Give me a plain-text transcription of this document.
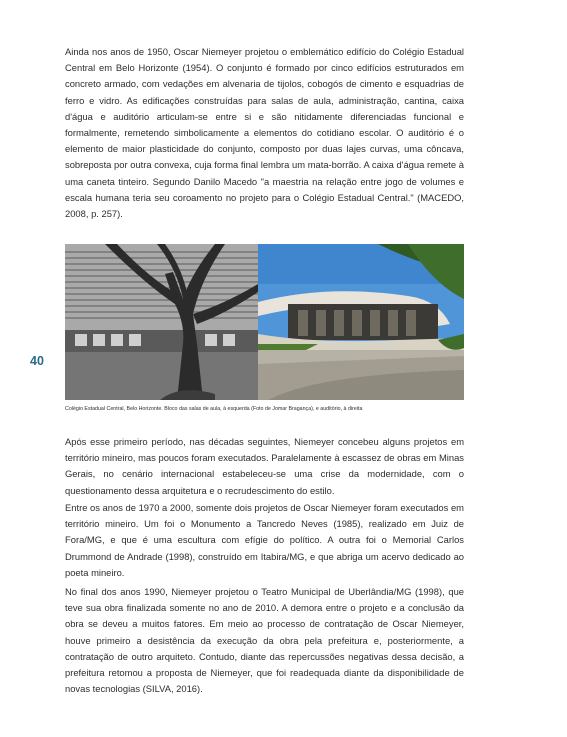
Ainda nos anos de 1950, Oscar Niemeyer projetou o emblemático edifício do Colégio Estadual Central em Belo Horizonte (1954). O conjunto é formado por cinco edifícios estruturados em concreto armado, com vedações em alvenaria de tijolos, cobogós de cimento e esquadrias de ferro e vidro. As edificações construídas para salas de aula, administração, cantina, caixa d'água e auditório articulam-se entre si e são nitidamente diferenciadas funcional e formalmente, remetendo simbolicamente a elementos do cotidiano escolar. O auditório é o elemento de maior plasticidade do conjunto, composto por duas lajes curvas, uma côncava, sobreposta por outra convexa, cuja forma final lembra um mata-borrão. A caixa d'água remete à uma caneta tinteiro. Segundo Danilo Macedo "a maestria na relação entre jogo de volumes e escala humana teria seu coroamento no projeto para o Colégio Estadual Central." (MACEDO, 2008, p. 257).

Colégio Estadual Central, Belo Horizonte. Bloco das salas de aula, à esquerda (Foto de Jomar Bragança), e auditório, à direita
40

Após esse primeiro período, nas décadas seguintes, Niemeyer concebeu alguns projetos em território mineiro, mas poucos foram executados. Paralelamente à escassez de obras em Minas Gerais, no cenário internacional estabeleceu-se uma crise da modernidade, com o questionamento dessa arquitetura e o recrudescimento do estilo.

Entre os anos de 1970 a 2000, somente dois projetos de Oscar Niemeyer foram executados em território mineiro. Um foi o Monumento a Tancredo Neves (1985), realizado em Juiz de Fora/MG, e que é uma escultura com efígie do político. A outra foi o Memorial Carlos Drummond de Andrade (1998), construído em Itabira/MG, e que abriga um acervo dedicado ao poeta mineiro.

No final dos anos 1990, Niemeyer projetou o Teatro Municipal de Uberlândia/MG (1998), que teve sua obra finalizada somente no ano de 2010. A demora entre o projeto e a conclusão da obra se deveu a muitos fatores. Em meio ao processo de contratação de Oscar Niemeyer, houve primeiro a desistência da execução da obra pela prefeitura e, posteriormente, a contratação de outro arquiteto. Contudo, diante das repercussões negativas dessa decisão, a prefeitura retomou a proposta de Niemeyer, que foi readequada diante da disponibilidade de novas tecnologias (SILVA, 2016).
